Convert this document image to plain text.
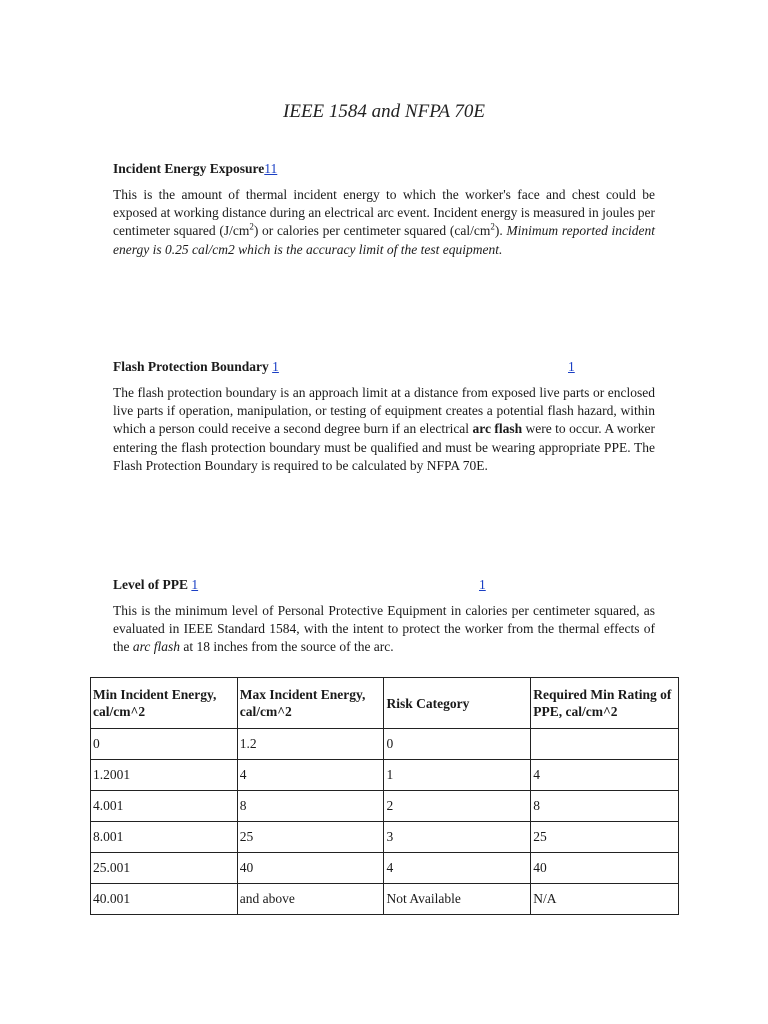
IEEE 1584 and NFPA 70E

Incident Energy Exposure11

This is the amount of thermal incident energy to which the worker's face and chest could be exposed at working distance during an electrical arc event. Incident energy is measured in joules per centimeter squared $(J/cm^2)$ or calories per centimeter squared $(cal/cm^2)$. Minimum reported incident energy is 0.25 cal/cm2 which is the accuracy limit of the test equipment.

Flash Protection Boundary 1	1

The flash protection boundary is an approach limit at a distance from exposed live parts or enclosed live parts if operation, manipulation, or testing of equipment creates a potential flash hazard, within which a person could receive a second degree burn if an electrical arc flash were to occur. A worker entering the flash protection boundary must be qualified and must be wearing appropriate PPE. The Flash Protection Boundary is required to be calculated by NFPA 70E.

Level of PPE 1	1

This is the minimum level of Personal Protective Equipment in calories per centimeter squared, as evaluated in IEEE Standard 1584, with the intent to protect the worker from the thermal effects of the arc flash at 18 inches from the source of the arc.

Min Incident Energy, cal/cm^2	Max Incident Energy, cal/cm^2	Risk Category	Required Min Rating of PPE, cal/cm^2
0	1.2	0	
1.2001	4	1	4
4.001	8	2	8
8.001	25	3	25
25.001	40	4	40
40.001	and above	Not Available	N/A
